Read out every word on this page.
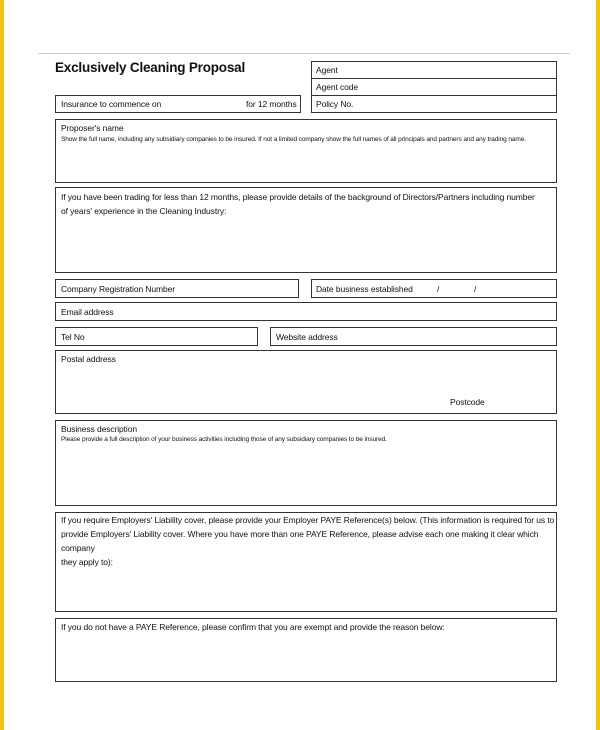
Exclusively Cleaning Proposal	Agent
Agent code
Policy No.
Insurance to commence on	for 12 months
Proposer's name
Show the full name, including any subsidiary companies to be insured. If not a limited company show the full names of all principals and partners and any trading name.
If you have been trading for less than 12 months, please provide details of the background of Directors/Partners including number
of years' experience in the Cleaning Industry:
Company Registration Number	Date business established	/	/
Email address
Tel No	Website address
Postal address
Postcode
Business description
Please provide a full description of your business activities including those of any subsidiary companies to be insured.
If you require Employers' Liability cover, please provide your Employer PAYE Reference(s) below. (This information is required for us to
provide Employers' Liability cover. Where you have more than one PAYE Reference, please advise each one making it clear which company
they apply to):
If you do not have a PAYE Reference, please confirm that you are exempt and provide the reason below:
